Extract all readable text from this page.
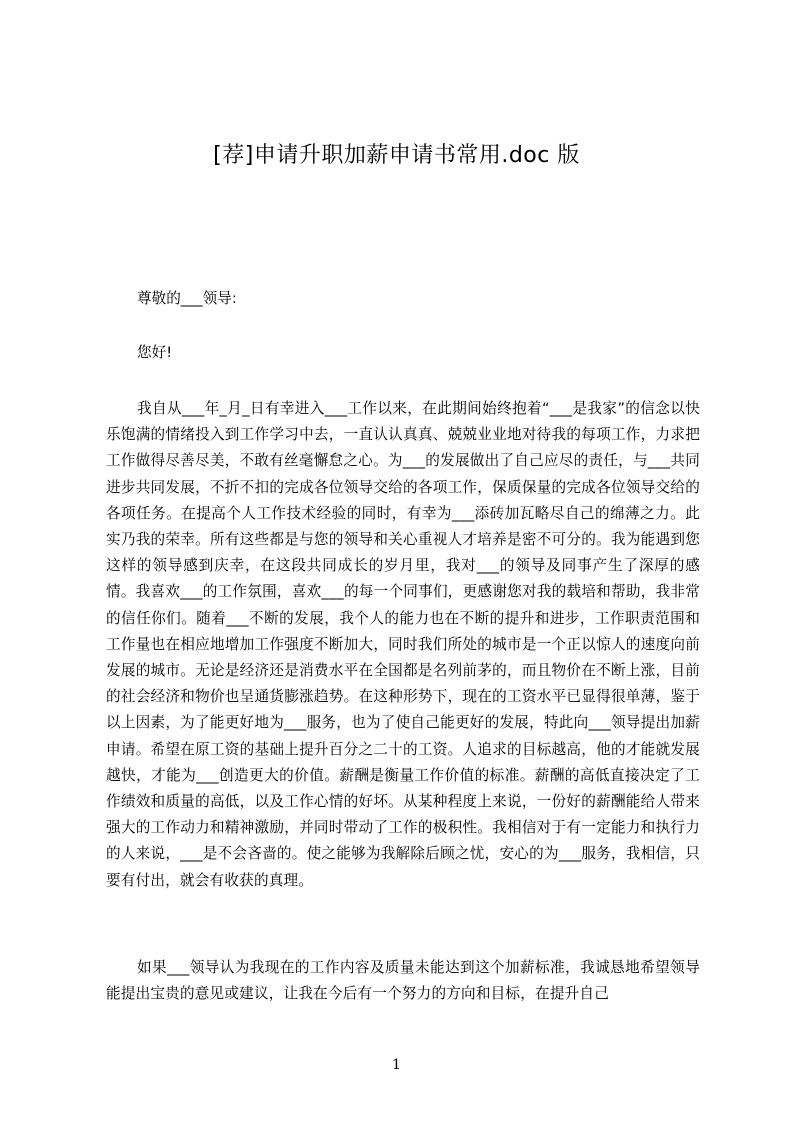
[荐]申请升职加薪申请书常用.doc 版

尊敬的___领导:

您好!

我自从___年_月_日有幸进入___工作以来，在此期间始终抱着“___是我家”的信念以快乐饱满的情绪投入到工作学习中去，一直认认真真、兢兢业业地对待我的每项工作，力求把工作做得尽善尽美，不敢有丝毫懈怠之心。为___的发展做出了自己应尽的责任，与___共同进步共同发展，不折不扣的完成各位领导交给的各项工作，保质保量的完成各位领导交给的各项任务。在提高个人工作技术经验的同时，有幸为___添砖加瓦略尽自己的绵薄之力。此实乃我的荣幸。所有这些都是与您的领导和关心重视人才培养是密不可分的。我为能遇到您这样的领导感到庆幸，在这段共同成长的岁月里，我对___的领导及同事产生了深厚的感情。我喜欢___的工作氛围，喜欢___的每一个同事们，更感谢您对我的载培和帮助，我非常的信任你们。随着___不断的发展，我个人的能力也在不断的提升和进步，工作职责范围和工作量也在相应地增加工作强度不断加大，同时我们所处的城市是一个正以惊人的速度向前发展的城市。无论是经济还是消费水平在全国都是名列前茅的，而且物价在不断上涨，目前的社会经济和物价也呈通货膨涨趋势。在这种形势下，现在的工资水平已显得很单薄，鉴于以上因素，为了能更好地为___服务，也为了使自己能更好的发展，特此向___领导提出加薪申请。希望在原工资的基础上提升百分之二十的工资。人追求的目标越高，他的才能就发展越快，才能为___创造更大的价值。薪酬是衡量工作价值的标准。薪酬的高低直接决定了工作绩效和质量的高低，以及工作心情的好坏。从某种程度上来说，一份好的薪酬能给人带来强大的工作动力和精神激励，并同时带动了工作的极积性。我相信对于有一定能力和执行力的人来说，___是不会吝啬的。使之能够为我解除后顾之忧，安心的为___服务，我相信，只要有付出，就会有收获的真理。

如果___领导认为我现在的工作内容及质量未能达到这个加薪标准，我诚恳地希望领导能提出宝贵的意见或建议，让我在今后有一个努力的方向和目标，在提升自己

1
